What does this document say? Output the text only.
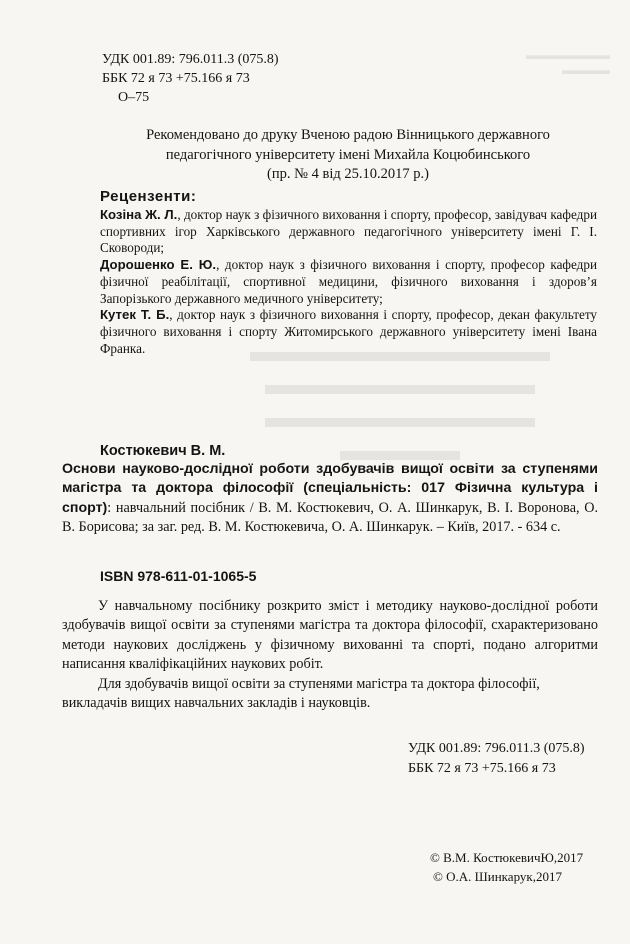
▬▬▬▬▬▬▬
▬▬▬▬
▬▬▬▬▬▬▬▬▬▬
▬▬▬▬▬▬▬▬▬
▬▬▬▬▬▬▬▬▬
▬▬▬▬
УДК 001.89: 796.011.3 (075.8)
ББК 72 я 73 +75.166 я 73
О–75
Рекомендовано до друку Вченою радою Вінницького державного
педагогічного університету імені Михайла Коцюбинського
(пр. № 4 від 25.10.2017 р.)
Рецензенти:
Козіна Ж. Л., доктор наук з фізичного виховання і спорту, професор, завідувач кафедри спортивних ігор Харківського державного педагогічного університету імені Г. І. Сковороди;
Дорошенко Е. Ю., доктор наук з фізичного виховання і спорту, професор кафедри фізичної реабілітації, спортивної медицини, фізичного виховання і здоров’я Запорізького державного медичного університету;
Кутек Т. Б., доктор наук з фізичного виховання і спорту, професор, декан факультету фізичного виховання і спорту Житомирського державного університету імені Івана Франка.
Костюкевич В. М.
Основи науково-дослідної роботи здобувачів вищої освіти за ступенями магістра та доктора філософії (спеціальність: 017 Фізична культура і спорт): навчальний посібник / В. М. Костюкевич, О. А. Шинкарук, В. І. Воронова, О. В. Борисова; за заг. ред. В. М. Костюкевича, О. А. Шинкарук. – Київ, 2017. - 634 с.
ISBN 978-611-01-1065-5

У навчальному посібнику розкрито зміст і методику науково-дослідної роботи здобувачів вищої освіти за ступенями магістра та доктора філософії, схарактеризовано методи наукових досліджень у фізичному вихованні та спорті, подано алгоритми написання кваліфікаційних наукових робіт.

Для здобувачів вищої освіти за ступенями магістра та доктора філософії, викладачів вищих навчальних закладів і науковців.

УДК 001.89: 796.011.3 (075.8)
ББК 72 я 73 +75.166 я 73
© В.М. КостюкевичЮ,2017
© О.А. Шинкарук,2017
